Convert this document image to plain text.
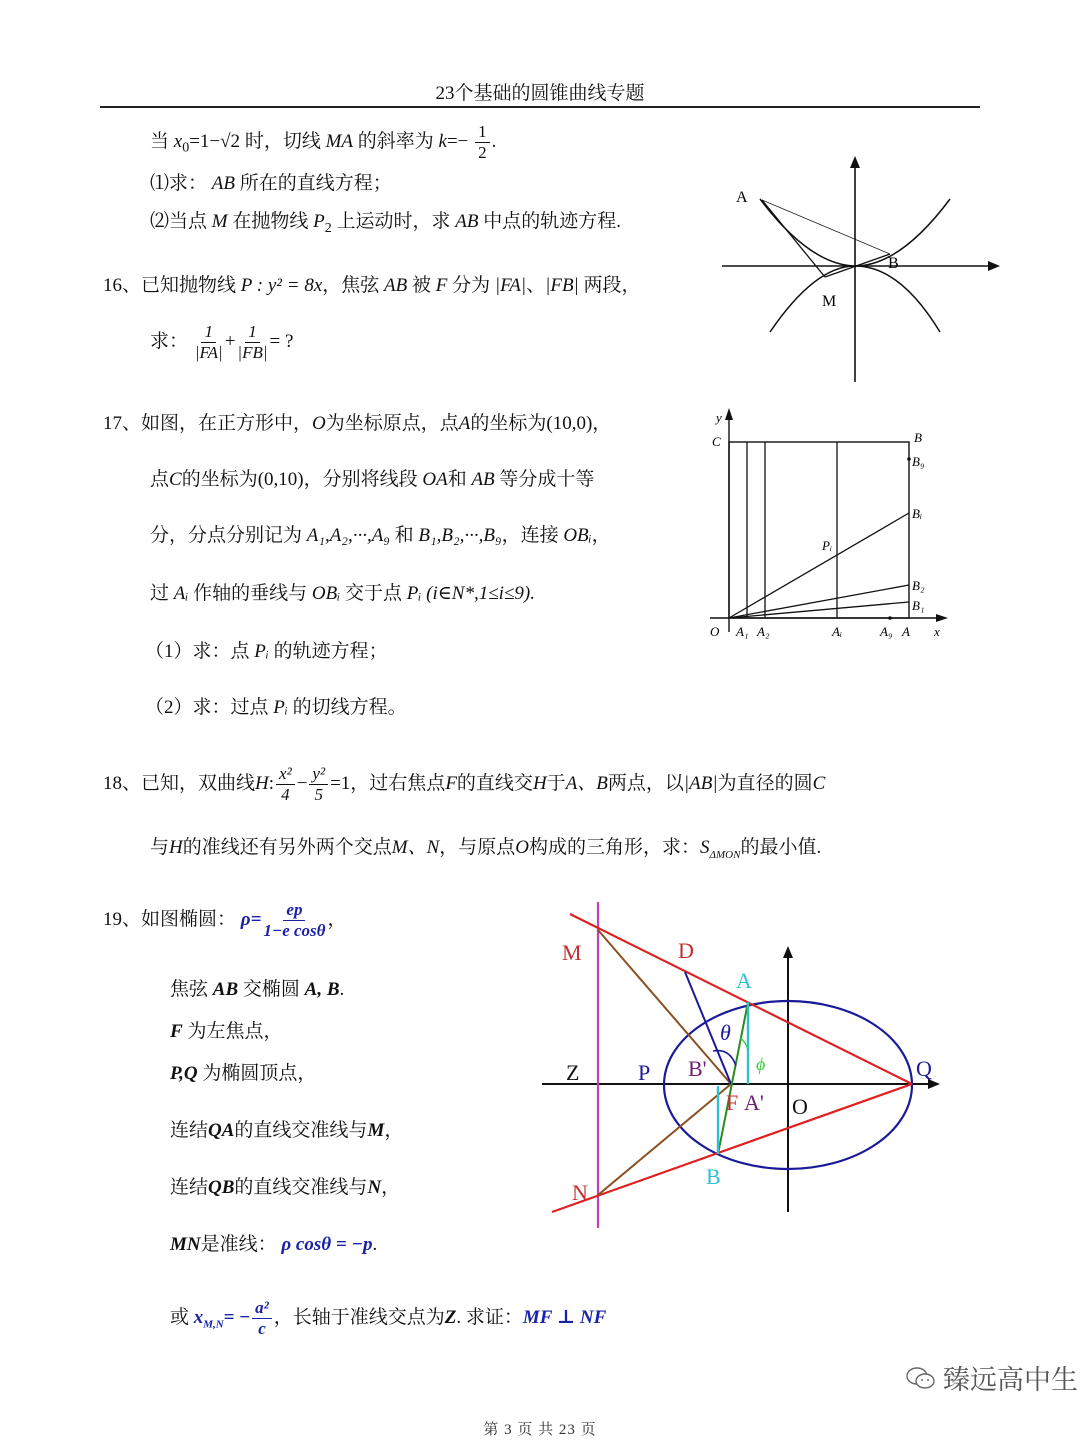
23个基础的圆锥曲线专题
当 $x_0=1-√2$ 时，切线 MA 的斜率为 $k=- \frac{1}{2}$ .
⑴求： AB 所在的直线方程；
⑵当点 M 在抛物线 $P_2$ 上运动时，求 AB 中点的轨迹方程.
A
B
M
16、已知抛物线 P : y² = 8x，焦弦 AB 被 F 分为 |FA|、|FB| 两段，
求： $\frac{1}{|FA|} + \frac{1}{|FB|}$ = ?
17、如图，在正方形中，O为坐标原点，点A的坐标为(10,0)，
点C的坐标为(0,10)，分别将线段 OA和 AB 等分成十等
分，分点分别记为 A₁,A₂,···,A₉ 和 B₁,B₂,···,B₉，连接 OBᵢ，
过 Aᵢ 作轴的垂线与 OBᵢ 交于点 Pᵢ (i∈N*,1≤i≤9).
（1）求：点 Pᵢ 的轨迹方程；
（2）求：过点 Pᵢ 的切线方程。
y
x
C	B
B₉
Bᵢ
Pᵢ
B₂
B₁
O A₁ A₂	Aᵢ	A₉ A
18、已知，双曲线H: $\frac{\text{x²}}{4} - \frac{\text{y²}}{5} =1$，过右焦点F的直线交H于A、B两点，以|AB|为直径的圆C
与H的准线还有另外两个交点M、N，与原点O构成的三角形，求：$S_{\Delta MON}$的最小值.
19、如图椭圆： $\rho= \frac{ep}{\text{1−e cosθ}}$ ，
焦弦 AB 交椭圆 A, B.
F 为左焦点，
P,Q 为椭圆顶点，
连结QA的直线交准线与M，
连结QB的直线交准线与N，
MN是准线： ρ cosθ = −p.
或 $x_{M,N}= - \frac{\text{a²}}{c}$ ，长轴于准线交点为Z. 求证：MF ⊥ NF
M	D
A
θ
ϕ
Z	P B'
F A' O
Q
B
N
第 3 页 共 23 页
臻远高中生
